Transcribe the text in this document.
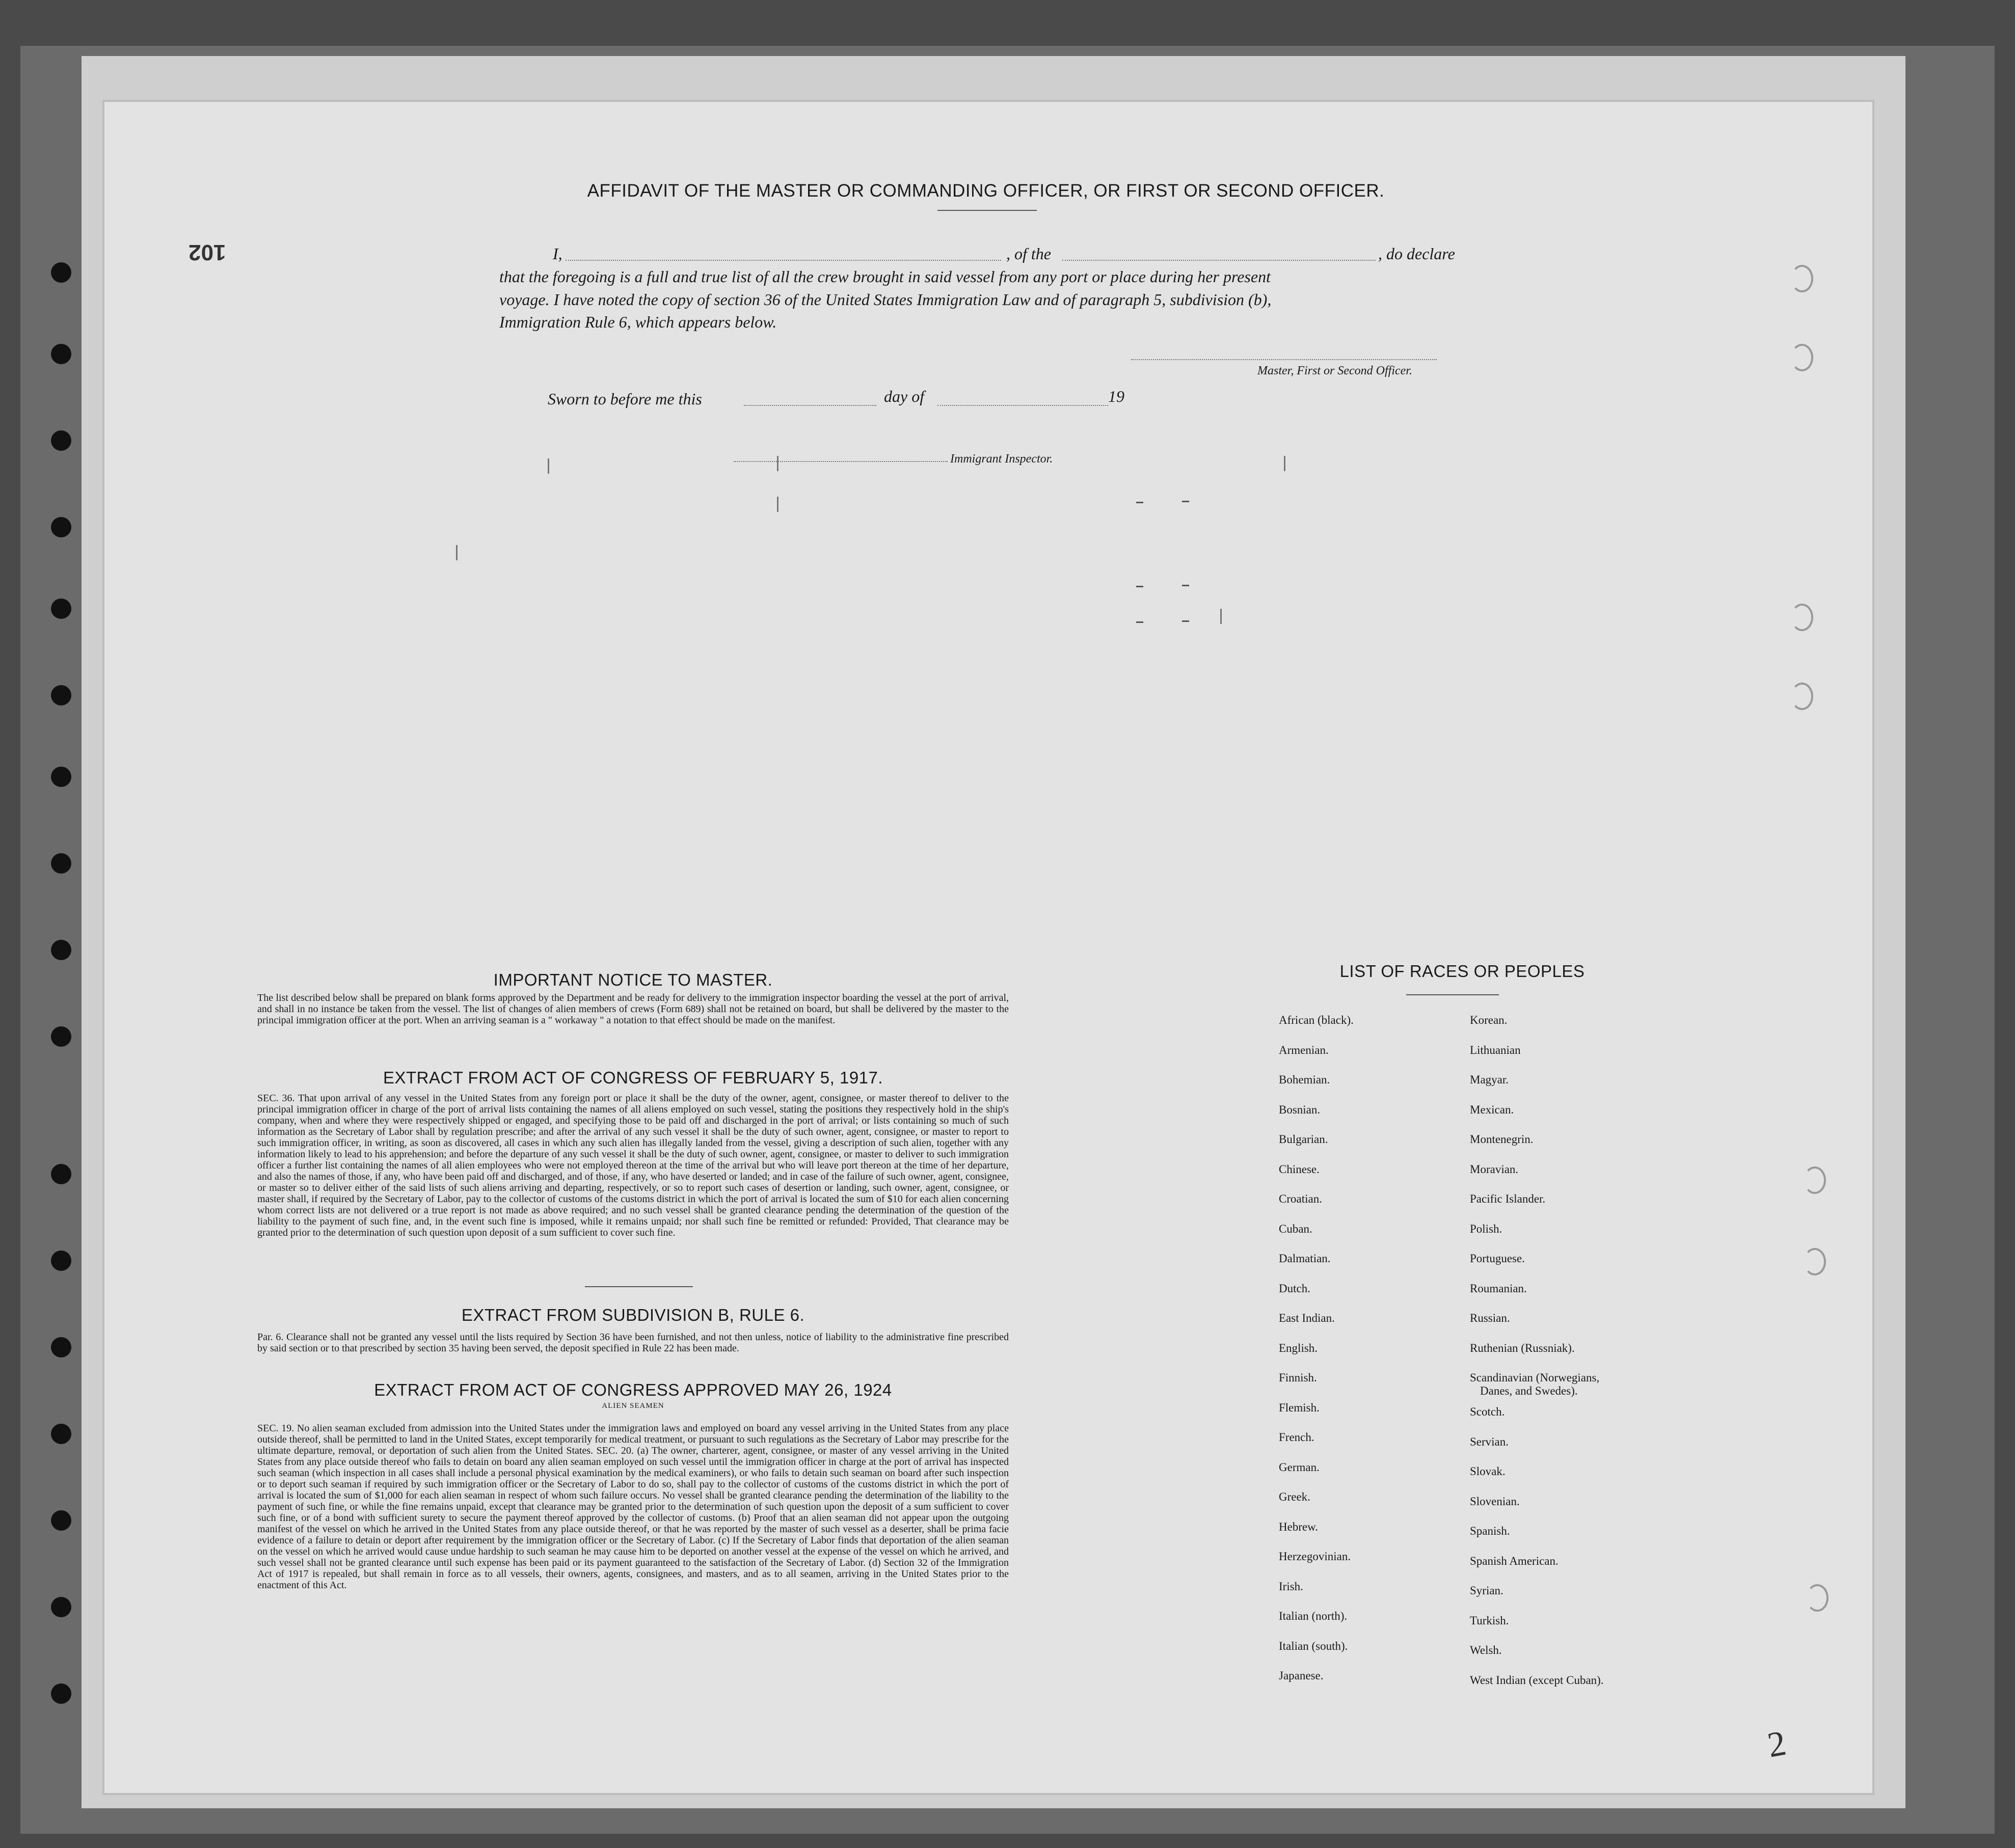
102
AFFIDAVIT OF THE MASTER OR COMMANDING OFFICER, OR FIRST OR SECOND OFFICER.
I,	, of the	, do declare
that the foregoing is a full and true list of all the crew brought in said vessel from any port or place during her present
voyage. I have noted the copy of section 36 of the United States Immigration Law and of paragraph 5, subdivision (b),
Immigration Rule 6, which appears below.
Master, First or Second Officer.
Sworn to before me this	day of	19
Immigrant Inspector.
IMPORTANT NOTICE TO MASTER.
The list described below shall be prepared on blank forms approved by the Department and be ready for delivery to the immigration inspector boarding the vessel at the port of arrival, and shall in no instance be taken from the vessel. The list of changes of alien members of crews (Form 689) shall not be retained on board, but shall be delivered by the master to the principal immigration officer at the port. When an arriving seaman is a " workaway " a notation to that effect should be made on the manifest.
EXTRACT FROM ACT OF CONGRESS OF FEBRUARY 5, 1917.
SEC. 36. That upon arrival of any vessel in the United States from any foreign port or place it shall be the duty of the owner, agent, consignee, or master thereof to deliver to the principal immigration officer in charge of the port of arrival lists containing the names of all aliens employed on such vessel, stating the positions they respectively hold in the ship's company, when and where they were respectively shipped or engaged, and specifying those to be paid off and discharged in the port of arrival; or lists containing so much of such information as the Secretary of Labor shall by regulation prescribe; and after the arrival of any such vessel it shall be the duty of such owner, agent, consignee, or master to report to such immigration officer, in writing, as soon as discovered, all cases in which any such alien has illegally landed from the vessel, giving a description of such alien, together with any information likely to lead to his apprehension; and before the departure of any such vessel it shall be the duty of such owner, agent, consignee, or master to deliver to such immigration officer a further list containing the names of all alien employees who were not employed thereon at the time of the arrival but who will leave port thereon at the time of her departure, and also the names of those, if any, who have been paid off and discharged, and of those, if any, who have deserted or landed; and in case of the failure of such owner, agent, consignee, or master so to deliver either of the said lists of such aliens arriving and departing, respectively, or so to report such cases of desertion or landing, such owner, agent, consignee, or master shall, if required by the Secretary of Labor, pay to the collector of customs of the customs district in which the port of arrival is located the sum of $10 for each alien concerning whom correct lists are not delivered or a true report is not made as above required; and no such vessel shall be granted clearance pending the determination of the question of the liability to the payment of such fine, and, in the event such fine is imposed, while it remains unpaid; nor shall such fine be remitted or refunded: Provided, That clearance may be granted prior to the determination of such question upon deposit of a sum sufficient to cover such fine.
EXTRACT FROM SUBDIVISION B, RULE 6.
Par. 6. Clearance shall not be granted any vessel until the lists required by Section 36 have been furnished, and not then unless, notice of liability to the administrative fine prescribed by said section or to that prescribed by section 35 having been served, the deposit specified in Rule 22 has been made.
EXTRACT FROM ACT OF CONGRESS APPROVED MAY 26, 1924
ALIEN SEAMEN
SEC. 19. No alien seaman excluded from admission into the United States under the immigration laws and employed on board any vessel arriving in the United States from any place outside thereof, shall be permitted to land in the United States, except temporarily for medical treatment, or pursuant to such regulations as the Secretary of Labor may prescribe for the ultimate departure, removal, or deportation of such alien from the United States. SEC. 20. (a) The owner, charterer, agent, consignee, or master of any vessel arriving in the United States from any place outside thereof who fails to detain on board any alien seaman employed on such vessel until the immigration officer in charge at the port of arrival has inspected such seaman (which inspection in all cases shall include a personal physical examination by the medical examiners), or who fails to detain such seaman on board after such inspection or to deport such seaman if required by such immigration officer or the Secretary of Labor to do so, shall pay to the collector of customs of the customs district in which the port of arrival is located the sum of $1,000 for each alien seaman in respect of whom such failure occurs. No vessel shall be granted clearance pending the determination of the liability to the payment of such fine, or while the fine remains unpaid, except that clearance may be granted prior to the determination of such question upon the deposit of a sum sufficient to cover such fine, or of a bond with sufficient surety to secure the payment thereof approved by the collector of customs. (b) Proof that an alien seaman did not appear upon the outgoing manifest of the vessel on which he arrived in the United States from any place outside thereof, or that he was reported by the master of such vessel as a deserter, shall be prima facie evidence of a failure to detain or deport after requirement by the immigration officer or the Secretary of Labor. (c) If the Secretary of Labor finds that deportation of the alien seaman on the vessel on which he arrived would cause undue hardship to such seaman he may cause him to be deported on another vessel at the expense of the vessel on which he arrived, and such vessel shall not be granted clearance until such expense has been paid or its payment guaranteed to the satisfaction of the Secretary of Labor. (d) Section 32 of the Immigration Act of 1917 is repealed, but shall remain in force as to all vessels, their owners, agents, consignees, and masters, and as to all seamen, arriving in the United States prior to the enactment of this Act.
LIST OF RACES OR PEOPLES
African (black).
Armenian.
Bohemian.
Bosnian.
Bulgarian.
Chinese.
Croatian.
Cuban.
Dalmatian.
Dutch.
East Indian.
English.
Finnish.
Flemish.
French.
German.
Greek.
Hebrew.
Herzegovinian.
Irish.
Italian (north).
Italian (south).
Japanese.
Korean.
Lithuanian
Magyar.
Mexican.
Montenegrin.
Moravian.
Pacific Islander.
Polish.
Portuguese.
Roumanian.
Russian.
Ruthenian (Russniak).
Scandinavian (Norwegians,
Scotch.
Servian.
Slovak.
Slovenian.
Spanish.
Spanish American.
Syrian.
Turkish.
Welsh.
West Indian (except Cuban).
Danes, and Swedes).
2
